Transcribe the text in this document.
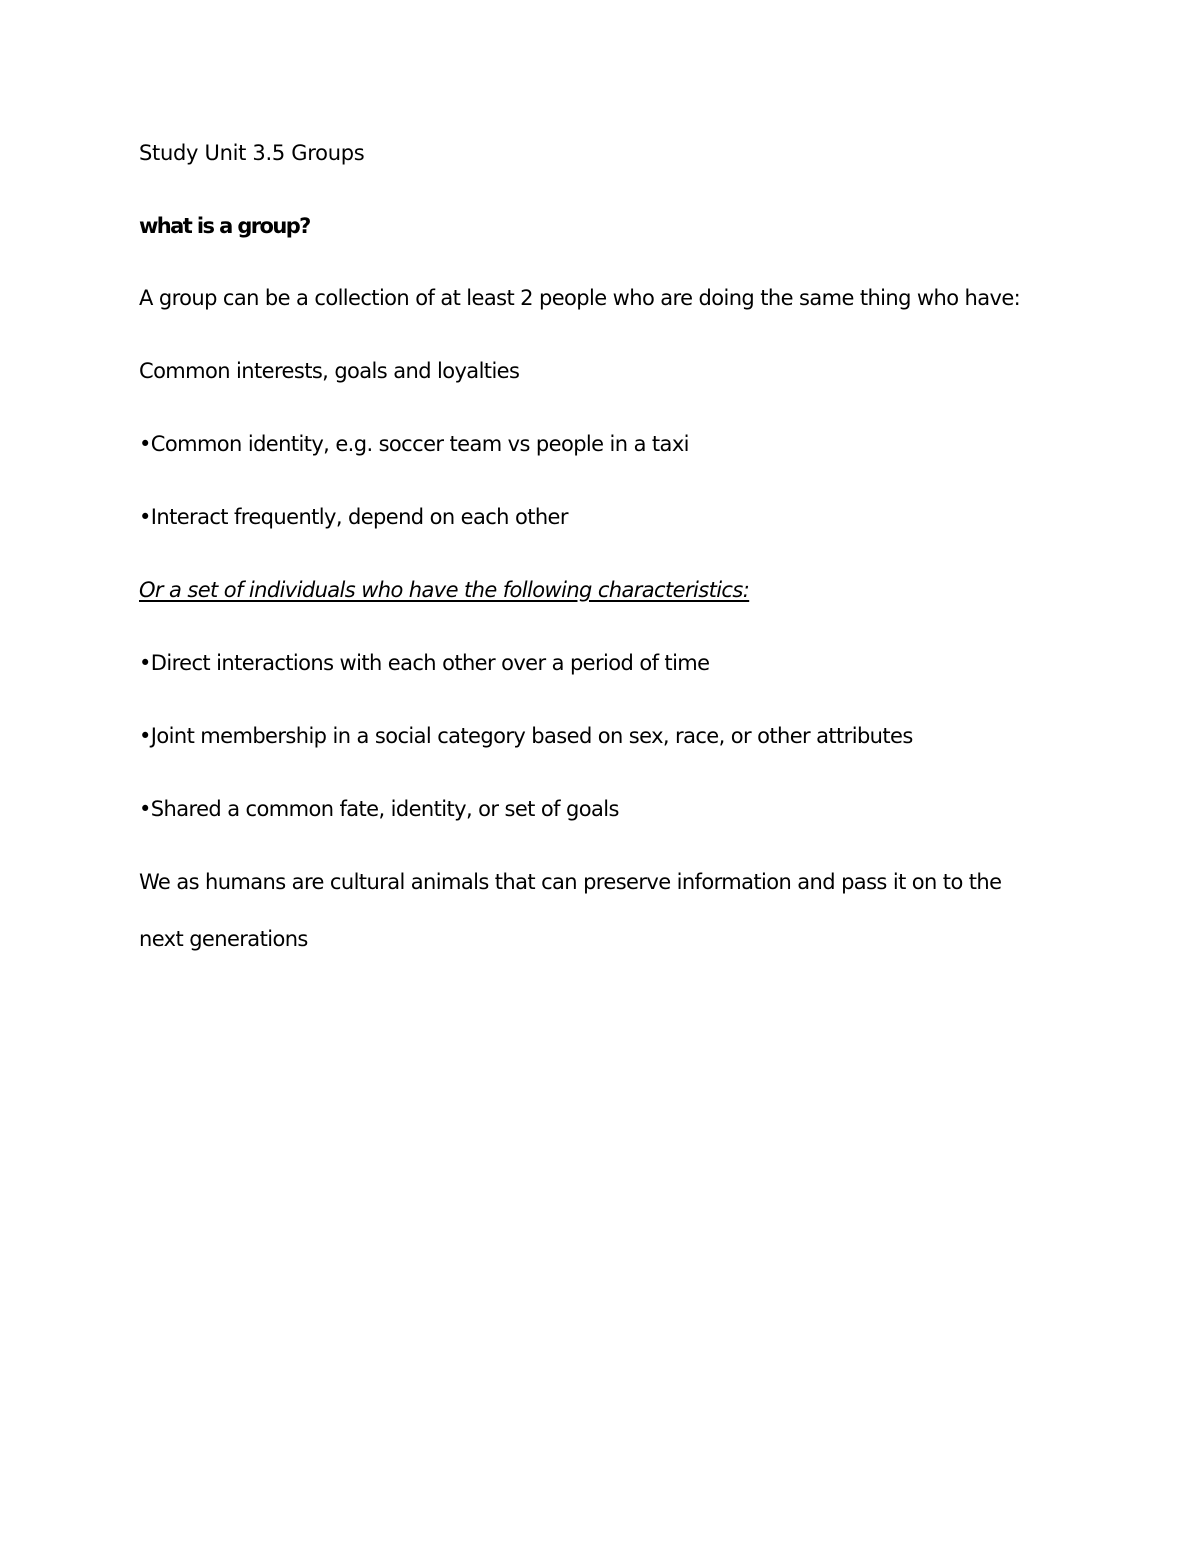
Study Unit 3.5 Groups

what is a group?

A group can be a collection of at least 2 people who are doing the same thing who have:

Common interests, goals and loyalties

•Common identity, e.g. soccer team vs people in a taxi

•Interact frequently, depend on each other

Or a set of individuals who have the following characteristics:

•Direct interactions with each other over a period of time

•Joint membership in a social category based on sex, race, or other attributes

•Shared a common fate, identity, or set of goals

We as humans are cultural animals that can preserve information and pass it on to the next generations
